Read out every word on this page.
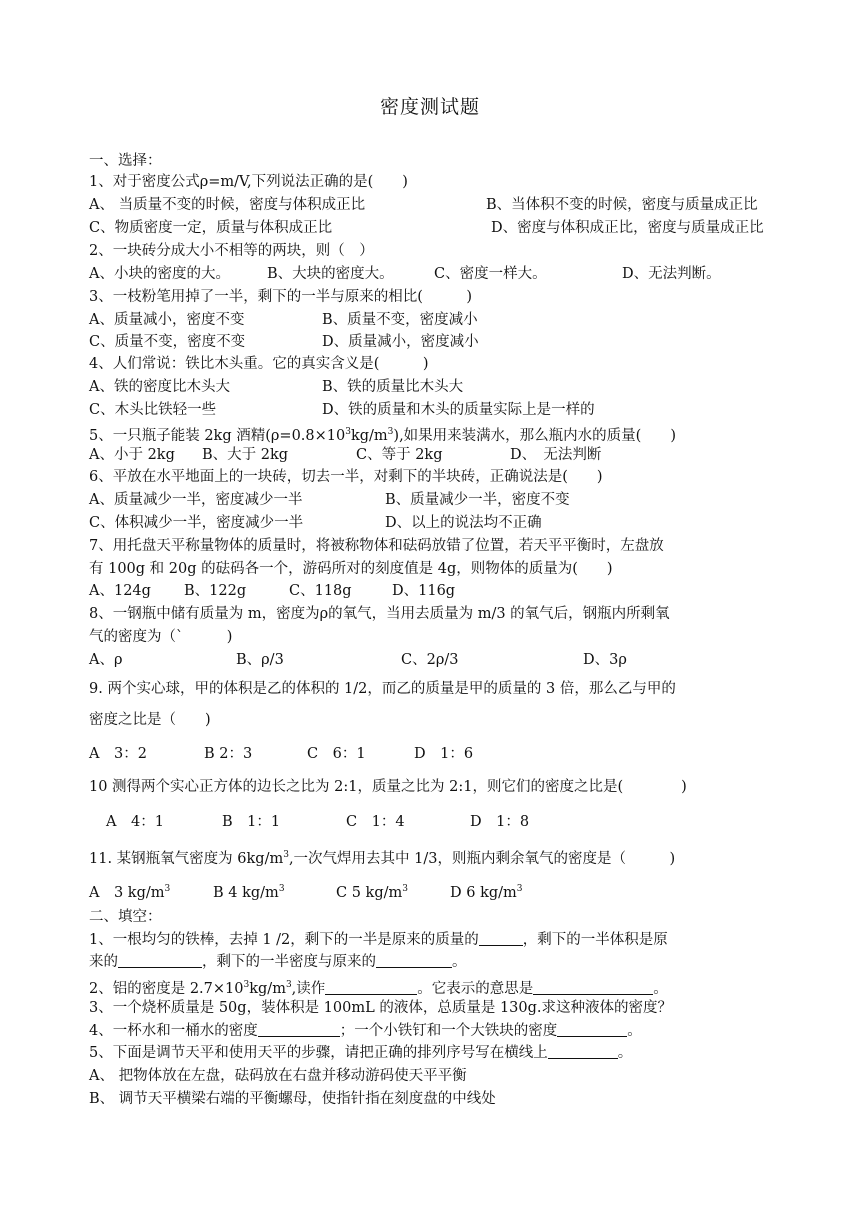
密度测试题
一、选择：
1、对于密度公式ρ=m/V,下列说法正确的是(　　)
A、 当质量不变的时候，密度与体积成正比	B、当体积不变的时候，密度与质量成正比
C、物质密度一定，质量与体积成正比	D、密度与体积成正比，密度与质量成正比
2、一块砖分成大小不相等的两块，则（　）
A、小块的密度的大。	B、大块的密度大。	C、密度一样大。	D、无法判断。
3、一枝粉笔用掉了一半，剩下的一半与原来的相比(　　　)
A、质量减小，密度不变	B、质量不变，密度减小
C、质量不变，密度不变	D、质量减小，密度减小
4、人们常说：铁比木头重。它的真实含义是(　　　)
A、铁的密度比木头大	B、铁的质量比木头大
C、木头比铁轻一些	D、铁的质量和木头的质量实际上是一样的
5、一只瓶子能装 2kg 酒精$(\rho=0.8\times 10^3kg/m^3)$,如果用来装满水，那么瓶内水的质量(　　)
A、小于 2kg B、大于 2kg	C、等于 2kg	D、　无法判断
6、平放在水平地面上的一块砖，切去一半，对剩下的半块砖，正确说法是(　　)
A、质量减少一半，密度减少一半	B、质量减少一半，密度不变
C、体积减少一半，密度减少一半	D、以上的说法均不正确
7、用托盘天平称量物体的质量时，将被称物体和砝码放错了位置，若天平平衡时，左盘放
有 100g 和 20g 的砝码各一个，游码所对的刻度值是 4g，则物体的质量为(　　)
A、124g B、122g	C、118g	D、116g
8、一钢瓶中储有质量为 m，密度为ρ的氧气，当用去质量为 m/3 的氧气后，钢瓶内所剩氧
气的密度为（`　　　)
A、ρ	B、ρ/3	C、2ρ/3	D、3ρ
9. 两个实心球，甲的体积是乙的体积的 1/2，而乙的质量是甲的质量的 3 倍，那么乙与甲的
密度之比是（　　)
A　3：2	B 2：3	C　6：1	D　1：6
10 测得两个实心正方体的边长之比为 2:1，质量之比为 2:1，则它们的密度之比是(　　　　)
A　4：1	B　1：1	C　1：4	D　1：8
11. 某钢瓶氧气密度为 $6kg/m^3$,一次气焊用去其中 1/3，则瓶内剩余氧气的密度是（　　　)
A　3 $kg/m^3$	B 4 $kg/m^3$	C 5 $kg/m^3$	D 6 $kg/m^3$
二、填空：
1、一根均匀的铁棒，去掉 1 /2，剩下的一半是原来的质量的	，剩下的一半体积是原
来的	，剩下的一半密度与原来的	。
2、铝的密度是 $2.7\times 10^3kg/m^3$,读作	。它表示的意思是	。
3、一个烧杯质量是 50g，装体积是 100mL 的液体，总质量是 130g.求这种液体的密度？
4、一杯水和一桶水的密度	；一个小铁钉和一个大铁块的密度	。
5、下面是调节天平和使用天平的步骤，请把正确的排列序号写在横线上	。
A、 把物体放在左盘，砝码放在右盘并移动游码使天平平衡
B、 调节天平横梁右端的平衡螺母，使指针指在刻度盘的中线处
